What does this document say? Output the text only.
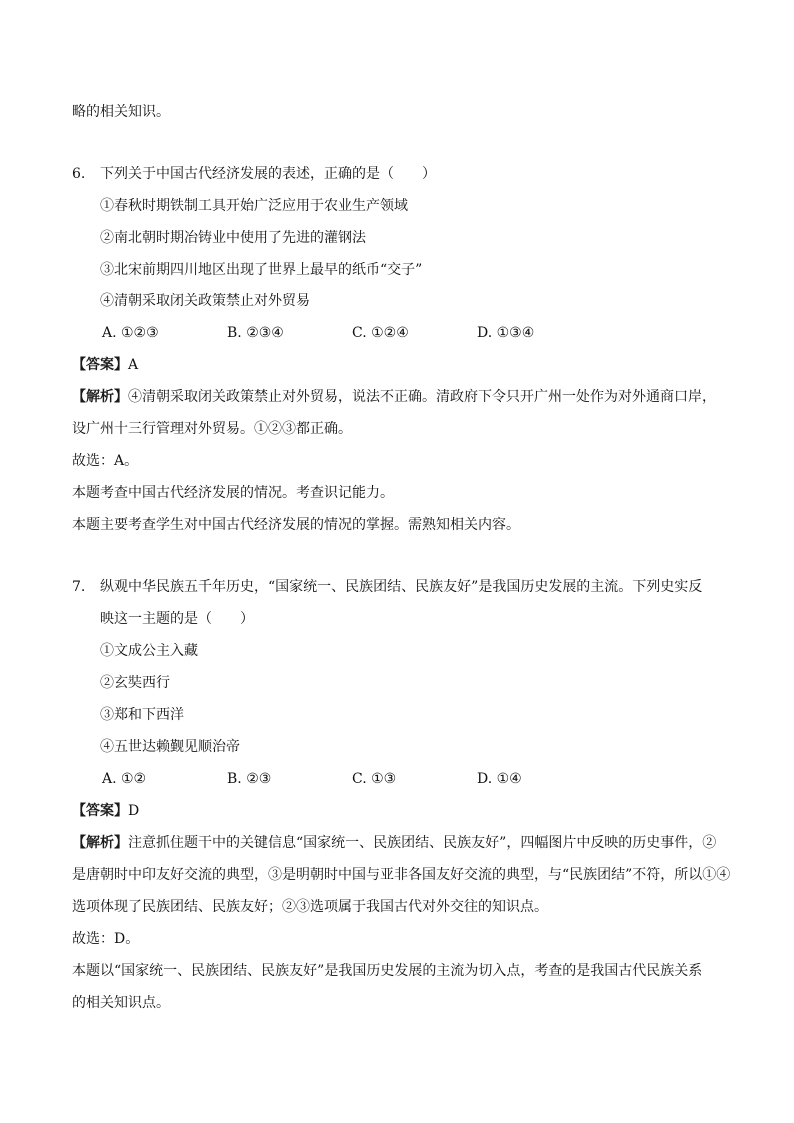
略的相关知识。
6. 下列关于中国古代经济发展的表述，正确的是（　　）
①春秋时期铁制工具开始广泛应用于农业生产领域
②南北朝时期冶铸业中使用了先进的灌钢法
③北宋前期四川地区出现了世界上最早的纸币“交子”
④清朝采取闭关政策禁止对外贸易
A. ①②③	B. ②③④	C. ①②④	D. ①③④
【答案】A
【解析】④清朝采取闭关政策禁止对外贸易，说法不正确。清政府下令只开广州一处作为对外通商口岸，
设广州十三行管理对外贸易。①②③都正确。
故选：A。
本题考查中国古代经济发展的情况。考查识记能力。
本题主要考查学生对中国古代经济发展的情况的掌握。需熟知相关内容。
7. 纵观中华民族五千年历史，“国家统一、民族团结、民族友好”是我国历史发展的主流。下列史实反
映这一主题的是（　　）
①文成公主入藏
②玄奘西行
③郑和下西洋
④五世达赖觐见顺治帝
A. ①②	B. ②③	C. ①③	D. ①④
【答案】D
【解析】注意抓住题干中的关键信息“国家统一、民族团结、民族友好”，四幅图片中反映的历史事件，②
是唐朝时中印友好交流的典型，③是明朝时中国与亚非各国友好交流的典型，与“民族团结”不符，所以①④
选项体现了民族团结、民族友好；②③选项属于我国古代对外交往的知识点。
故选：D。
本题以“国家统一、民族团结、民族友好”是我国历史发展的主流为切入点，考查的是我国古代民族关系
的相关知识点。
